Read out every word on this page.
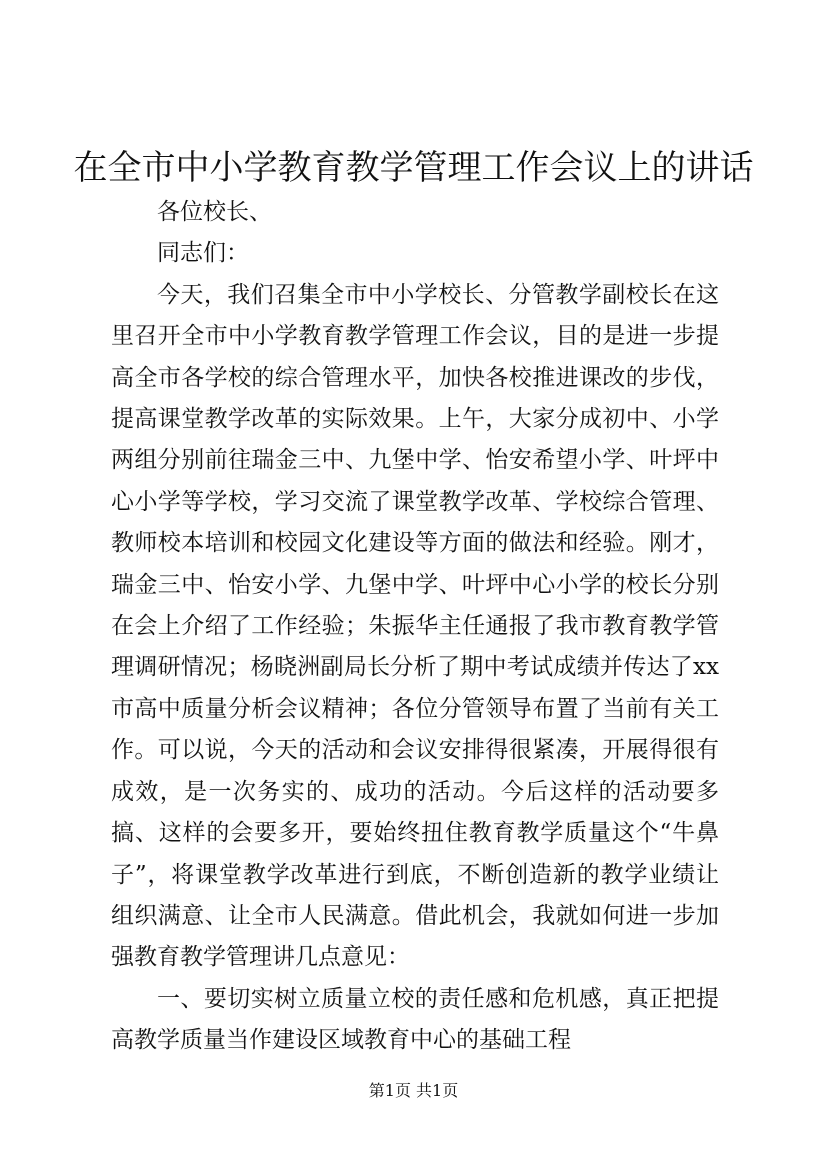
在全市中小学教育教学管理工作会议上的讲话

各位校长、

同志们：

今天，我们召集全市中小学校长、分管教学副校长在这里召开全市中小学教育教学管理工作会议，目的是进一步提高全市各学校的综合管理水平，加快各校推进课改的步伐，提高课堂教学改革的实际效果。上午，大家分成初中、小学两组分别前往瑞金三中、九堡中学、怡安希望小学、叶坪中心小学等学校，学习交流了课堂教学改革、学校综合管理、教师校本培训和校园文化建设等方面的做法和经验。刚才，瑞金三中、怡安小学、九堡中学、叶坪中心小学的校长分别在会上介绍了工作经验；朱振华主任通报了我市教育教学管理调研情况；杨晓洲副局长分析了期中考试成绩并传达了xx市高中质量分析会议精神；各位分管领导布置了当前有关工作。可以说，今天的活动和会议安排得很紧凑，开展得很有成效，是一次务实的、成功的活动。今后这样的活动要多搞、这样的会要多开，要始终扭住教育教学质量这个“牛鼻子”，将课堂教学改革进行到底，不断创造新的教学业绩让组织满意、让全市人民满意。借此机会，我就如何进一步加强教育教学管理讲几点意见：

一、要切实树立质量立校的责任感和危机感，真正把提高教学质量当作建设区域教育中心的基础工程

第1页 共1页
